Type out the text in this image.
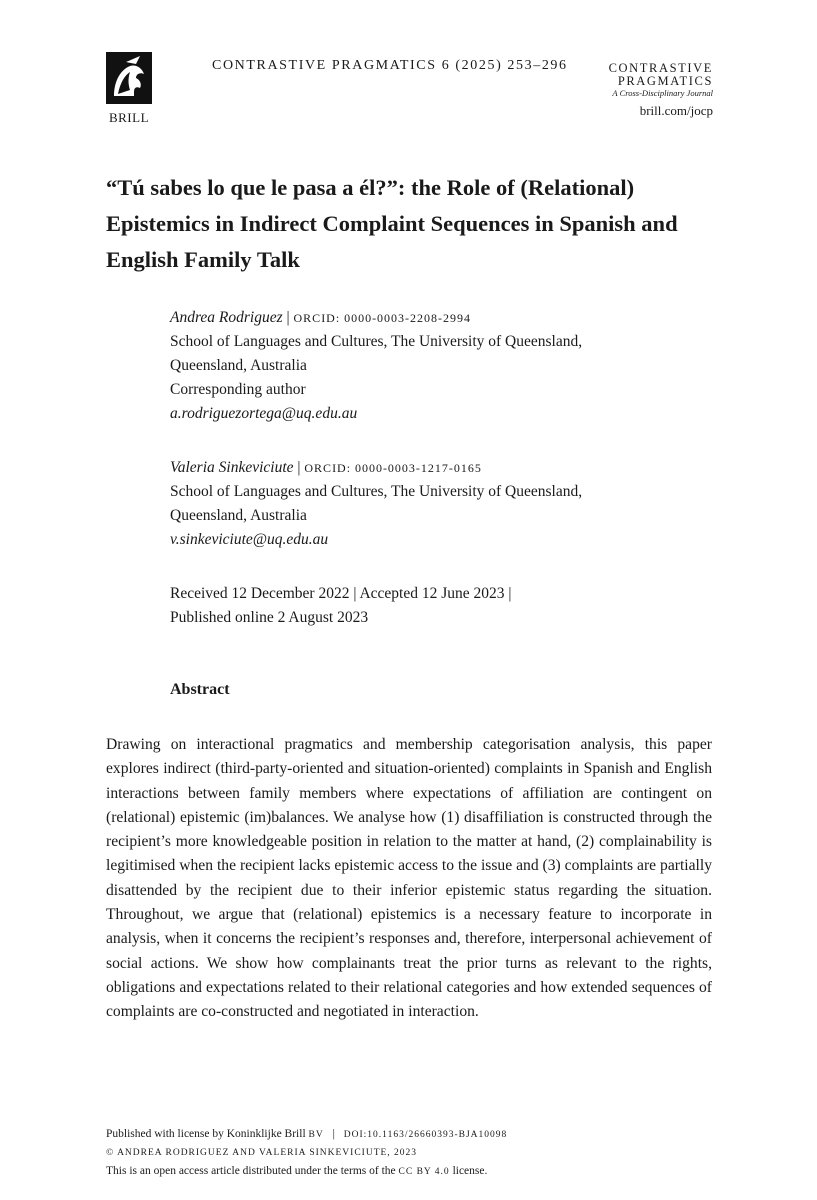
BRILL
CONTRASTIVE PRAGMATICS 6 (2025) 253–296	CONTRASTIVE
PRAGMATICS
A Cross-Disciplinary Journal
brill.com/jocp
“Tú sabes lo que le pasa a él?”: the Role of (Relational) Epistemics in Indirect Complaint Sequences in Spanish and English Family Talk
Andrea Rodriguez | ORCID: 0000-0003-2208-2994
School of Languages and Cultures, The University of Queensland,
Queensland, Australia
Corresponding author
a.rodriguezortega@uq.edu.au
Valeria Sinkeviciute | ORCID: 0000-0003-1217-0165
School of Languages and Cultures, The University of Queensland,
Queensland, Australia
v.sinkeviciute@uq.edu.au
Received 12 December 2022 | Accepted 12 June 2023 |
Published online 2 August 2023
Abstract
Drawing on interactional pragmatics and membership categorisation analysis, this paper explores indirect (third-party-oriented and situation-oriented) complaints in Spanish and English interactions between family members where expectations of affiliation are contingent on (relational) epistemic (im)balances. We analyse how (1) disaffiliation is constructed through the recipient’s more knowledgeable position in relation to the matter at hand, (2) complainability is legitimised when the recipient lacks epistemic access to the issue and (3) complaints are partially disattended by the recipient due to their inferior epistemic status regarding the situation. Throughout, we argue that (relational) epistemics is a necessary feature to incorporate in analysis, when it concerns the recipient’s responses and, therefore, interpersonal achievement of social actions. We show how complainants treat the prior turns as relevant to the rights, obligations and expectations related to their relational categories and how extended sequences of complaints are co-constructed and negotiated in interaction.
Published with license by Koninklijke Brill BV | DOI:10.1163/26660393-BJA10098
© ANDREA RODRIGUEZ AND VALERIA SINKEVICIUTE, 2023
This is an open access article distributed under the terms of the CC BY 4.0 license.
